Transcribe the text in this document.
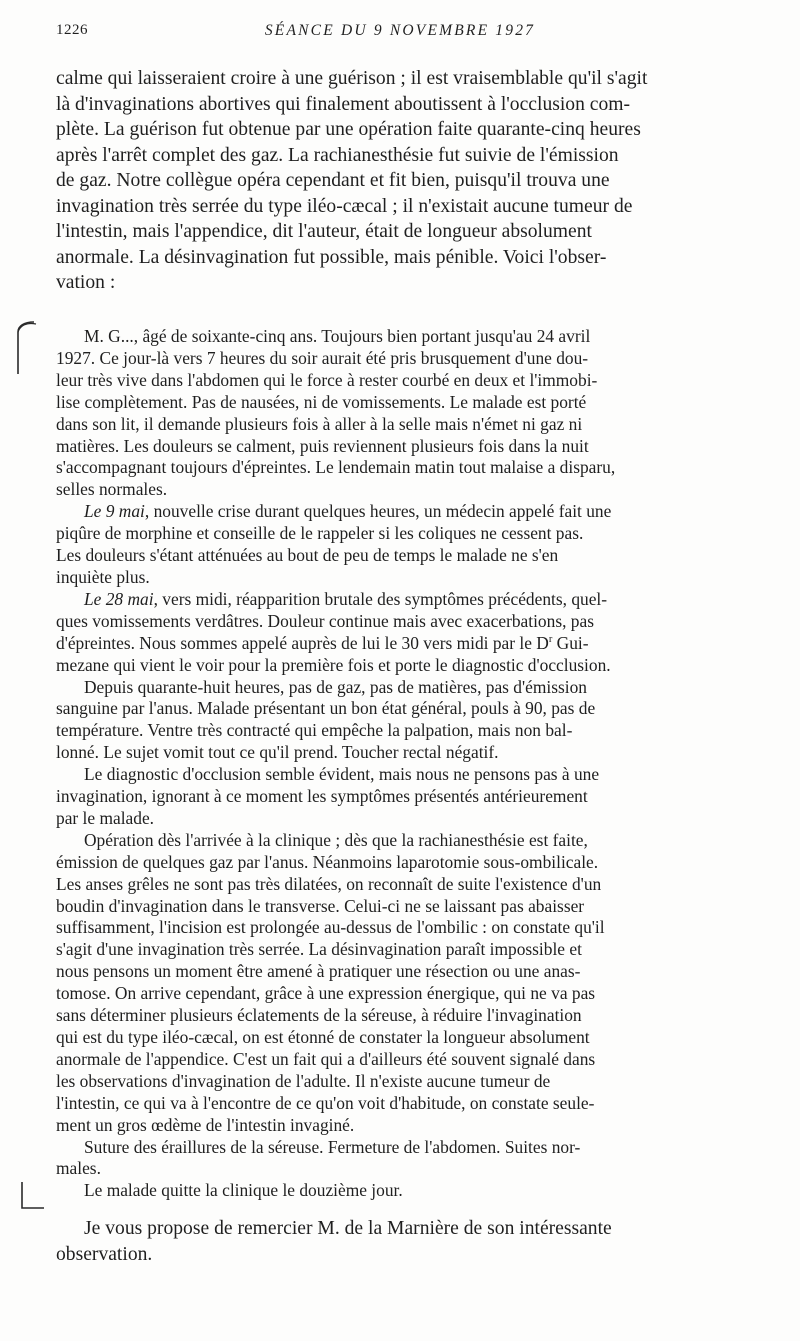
1226	SÉANCE DU 9 NOVEMBRE 1927
calme qui laisseraient croire à une guérison ; il est vraisemblable qu'il s'agit
là d'invaginations abortives qui finalement aboutissent à l'occlusion com-
plète. La guérison fut obtenue par une opération faite quarante-cinq heures
après l'arrêt complet des gaz. La rachianesthésie fut suivie de l'émission
de gaz. Notre collègue opéra cependant et fit bien, puisqu'il trouva une
invagination très serrée du type iléo-cæcal ; il n'existait aucune tumeur de
l'intestin, mais l'appendice, dit l'auteur, était de longueur absolument
anormale. La désinvagination fut possible, mais pénible. Voici l'obser-
vation :
M. G..., âgé de soixante-cinq ans. Toujours bien portant jusqu'au 24 avril
1927. Ce jour-là vers 7 heures du soir aurait été pris brusquement d'une dou-
leur très vive dans l'abdomen qui le force à rester courbé en deux et l'immobi-
lise complètement. Pas de nausées, ni de vomissements. Le malade est porté
dans son lit, il demande plusieurs fois à aller à la selle mais n'émet ni gaz ni
matières. Les douleurs se calment, puis reviennent plusieurs fois dans la nuit
s'accompagnant toujours d'épreintes. Le lendemain matin tout malaise a disparu,
selles normales.
Le 9 mai, nouvelle crise durant quelques heures, un médecin appelé fait une
piqûre de morphine et conseille de le rappeler si les coliques ne cessent pas.
Les douleurs s'étant atténuées au bout de peu de temps le malade ne s'en
inquiète plus.
Le 28 mai, vers midi, réapparition brutale des symptômes précédents, quel-
ques vomissements verdâtres. Douleur continue mais avec exacerbations, pas
d'épreintes. Nous sommes appelé auprès de lui le 30 vers midi par le $D^r$ Gui-
mezane qui vient le voir pour la première fois et porte le diagnostic d'occlusion.
Depuis quarante-huit heures, pas de gaz, pas de matières, pas d'émission
sanguine par l'anus. Malade présentant un bon état général, pouls à 90, pas de
température. Ventre très contracté qui empêche la palpation, mais non bal-
lonné. Le sujet vomit tout ce qu'il prend. Toucher rectal négatif.
Le diagnostic d'occlusion semble évident, mais nous ne pensons pas à une
invagination, ignorant à ce moment les symptômes présentés antérieurement
par le malade.
Opération dès l'arrivée à la clinique ; dès que la rachianesthésie est faite,
émission de quelques gaz par l'anus. Néanmoins laparotomie sous-ombilicale.
Les anses grêles ne sont pas très dilatées, on reconnaît de suite l'existence d'un
boudin d'invagination dans le transverse. Celui-ci ne se laissant pas abaisser
suffisamment, l'incision est prolongée au-dessus de l'ombilic : on constate qu'il
s'agit d'une invagination très serrée. La désinvagination paraît impossible et
nous pensons un moment être amené à pratiquer une résection ou une anas-
tomose. On arrive cependant, grâce à une expression énergique, qui ne va pas
sans déterminer plusieurs éclatements de la séreuse, à réduire l'invagination
qui est du type iléo-cæcal, on est étonné de constater la longueur absolument
anormale de l'appendice. C'est un fait qui a d'ailleurs été souvent signalé dans
les observations d'invagination de l'adulte. Il n'existe aucune tumeur de
l'intestin, ce qui va à l'encontre de ce qu'on voit d'habitude, on constate seule-
ment un gros œdème de l'intestin invaginé.
Suture des éraillures de la séreuse. Fermeture de l'abdomen. Suites nor-
males.
Le malade quitte la clinique le douzième jour.
Je vous propose de remercier M. de la Marnière de son intéressante
observation.
